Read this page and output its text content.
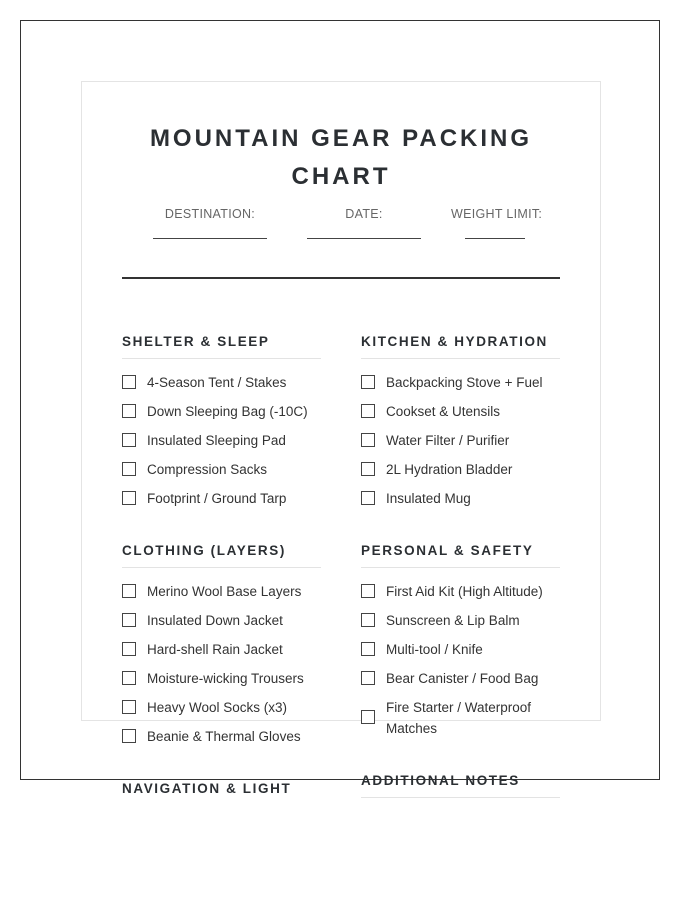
MOUNTAIN GEAR PACKING CHART
DESTINATION:	DATE:	WEIGHT LIMIT:
SHELTER & SLEEP
4-Season Tent / Stakes
Down Sleeping Bag (-10C)
Insulated Sleeping Pad
Compression Sacks
Footprint / Ground Tarp
KITCHEN & HYDRATION
Backpacking Stove + Fuel
Cookset & Utensils
Water Filter / Purifier
2L Hydration Bladder
Insulated Mug
CLOTHING (LAYERS)
Merino Wool Base Layers
Insulated Down Jacket
Hard-shell Rain Jacket
Moisture-wicking Trousers
Heavy Wool Socks (x3)
Beanie & Thermal Gloves
PERSONAL & SAFETY
First Aid Kit (High Altitude)
Sunscreen & Lip Balm
Multi-tool / Knife
Bear Canister / Food Bag
Fire Starter / Waterproof Matches
NAVIGATION & LIGHT
ADDITIONAL NOTES
